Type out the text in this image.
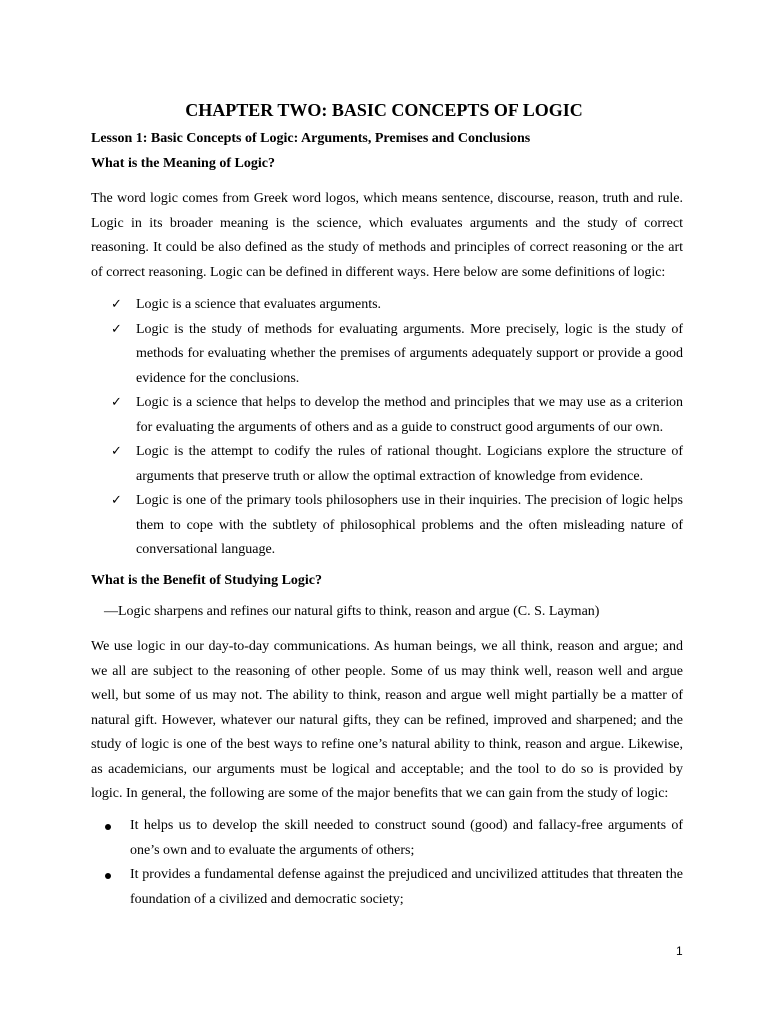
CHAPTER TWO: BASIC CONCEPTS OF LOGIC
Lesson 1: Basic Concepts of Logic: Arguments, Premises and Conclusions
What is the Meaning of Logic?

The word logic comes from Greek word logos, which means sentence, discourse, reason, truth and rule. Logic in its broader meaning is the science, which evaluates arguments and the study of correct reasoning. It could be also defined as the study of methods and principles of correct reasoning or the art of correct reasoning. Logic can be defined in different ways. Here below are some definitions of logic:

✓ Logic is a science that evaluates arguments.
✓ Logic is the study of methods for evaluating arguments. More precisely, logic is the study of methods for evaluating whether the premises of arguments adequately support or provide a good evidence for the conclusions.
✓ Logic is a science that helps to develop the method and principles that we may use as a criterion for evaluating the arguments of others and as a guide to construct good arguments of our own.
✓ Logic is the attempt to codify the rules of rational thought. Logicians explore the structure of arguments that preserve truth or allow the optimal extraction of knowledge from evidence.
✓ Logic is one of the primary tools philosophers use in their inquiries. The precision of logic helps them to cope with the subtlety of philosophical problems and the often misleading nature of conversational language.
What is the Benefit of Studying Logic?

—Logic sharpens and refines our natural gifts to think, reason and argue (C. S. Layman)

We use logic in our day-to-day communications. As human beings, we all think, reason and argue; and we all are subject to the reasoning of other people. Some of us may think well, reason well and argue well, but some of us may not. The ability to think, reason and argue well might partially be a matter of natural gift. However, whatever our natural gifts, they can be refined, improved and sharpened; and the study of logic is one of the best ways to refine one’s natural ability to think, reason and argue. Likewise, as academicians, our arguments must be logical and acceptable; and the tool to do so is provided by logic. In general, the following are some of the major benefits that we can gain from the study of logic:

It helps us to develop the skill needed to construct sound (good) and fallacy-free arguments of one’s own and to evaluate the arguments of others;
It provides a fundamental defense against the prejudiced and uncivilized attitudes that threaten the foundation of a civilized and democratic society;

1
